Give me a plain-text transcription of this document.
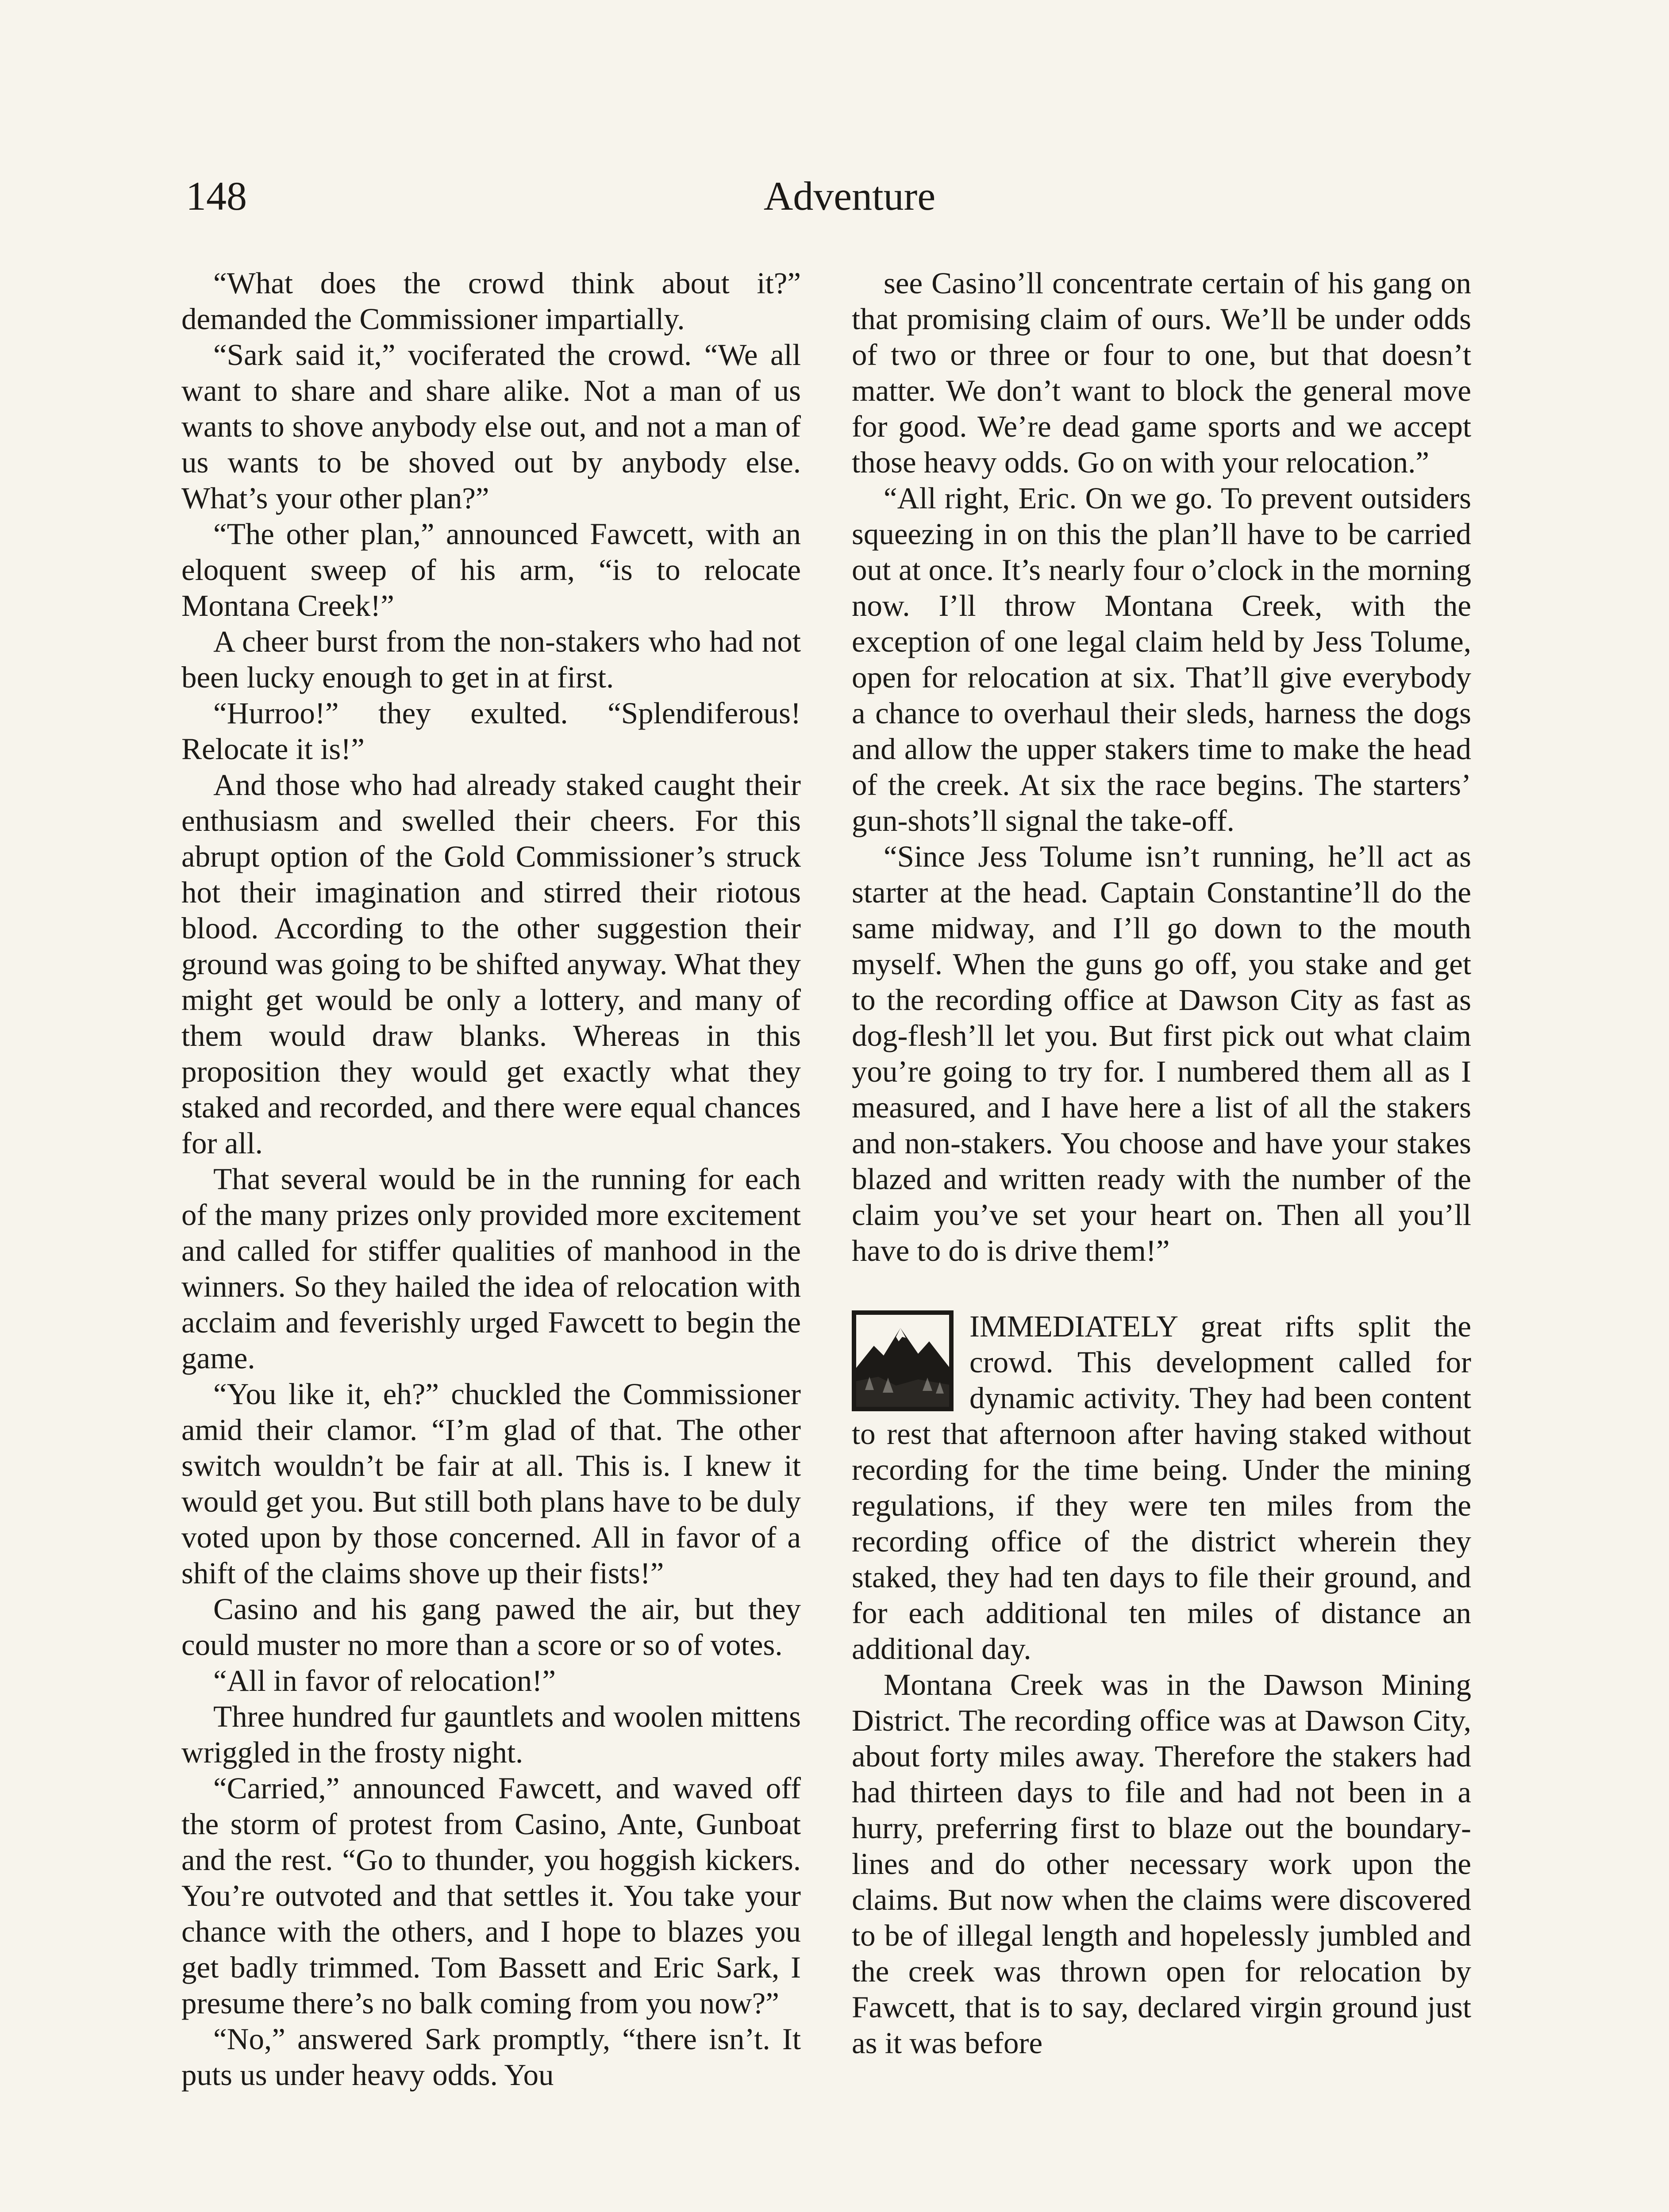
148	Adventure

“What does the crowd think about it?” demanded the Commissioner impartially.

“Sark said it,” vociferated the crowd. “We all want to share and share alike. Not a man of us wants to shove anybody else out, and not a man of us wants to be shoved out by anybody else. What’s your other plan?”

“The other plan,” announced Fawcett, with an eloquent sweep of his arm, “is to relocate Montana Creek!”

A cheer burst from the non-stakers who had not been lucky enough to get in at first.

“Hurroo!” they exulted. “Splendiferous! Relocate it is!”

And those who had already staked caught their enthusiasm and swelled their cheers. For this abrupt option of the Gold Commissioner’s struck hot their imagination and stirred their riotous blood. According to the other suggestion their ground was going to be shifted anyway. What they might get would be only a lottery, and many of them would draw blanks. Whereas in this proposition they would get exactly what they staked and recorded, and there were equal chances for all.

That several would be in the running for each of the many prizes only provided more excitement and called for stiffer qualities of manhood in the winners. So they hailed the idea of relocation with acclaim and feverishly urged Fawcett to begin the game.

“You like it, eh?” chuckled the Commissioner amid their clamor. “I’m glad of that. The other switch wouldn’t be fair at all. This is. I knew it would get you. But still both plans have to be duly voted upon by those concerned. All in favor of a shift of the claims shove up their fists!”

Casino and his gang pawed the air, but they could muster no more than a score or so of votes.

“All in favor of relocation!”

Three hundred fur gauntlets and woolen mittens wriggled in the frosty night.

“Carried,” announced Fawcett, and waved off the storm of protest from Casino, Ante, Gunboat and the rest. “Go to thunder, you hoggish kickers. You’re outvoted and that settles it. You take your chance with the others, and I hope to blazes you get badly trimmed. Tom Bassett and Eric Sark, I presume there’s no balk coming from you now?”

“No,” answered Sark promptly, “there isn’t. It puts us under heavy odds. You

see Casino’ll concentrate certain of his gang on that promising claim of ours. We’ll be under odds of two or three or four to one, but that doesn’t matter. We don’t want to block the general move for good. We’re dead game sports and we accept those heavy odds. Go on with your relocation.”

“All right, Eric. On we go. To prevent outsiders squeezing in on this the plan’ll have to be carried out at once. It’s nearly four o’clock in the morning now. I’ll throw Montana Creek, with the exception of one legal claim held by Jess Tolume, open for relocation at six. That’ll give everybody a chance to overhaul their sleds, harness the dogs and allow the upper stakers time to make the head of the creek. At six the race begins. The starters’ gun-shots’ll signal the take-off.

“Since Jess Tolume isn’t running, he’ll act as starter at the head. Captain Constantine’ll do the same midway, and I’ll go down to the mouth myself. When the guns go off, you stake and get to the recording office at Dawson City as fast as dog-flesh’ll let you. But first pick out what claim you’re going to try for. I numbered them all as I measured, and I have here a list of all the stakers and non-stakers. You choose and have your stakes blazed and written ready with the number of the claim you’ve set your heart on. Then all you’ll have to do is drive them!”

IMMEDIATELY great rifts split the crowd. This development called for dynamic activity. They had been content to rest that afternoon after having staked without recording for the time being. Under the mining regulations, if they were ten miles from the recording office of the district wherein they staked, they had ten days to file their ground, and for each additional ten miles of distance an additional day.

Montana Creek was in the Dawson Mining District. The recording office was at Dawson City, about forty miles away. Therefore the stakers had had thirteen days to file and had not been in a hurry, preferring first to blaze out the boundary-lines and do other necessary work upon the claims. But now when the claims were discovered to be of illegal length and hopelessly jumbled and the creek was thrown open for relocation by Fawcett, that is to say, declared virgin ground just as it was before
